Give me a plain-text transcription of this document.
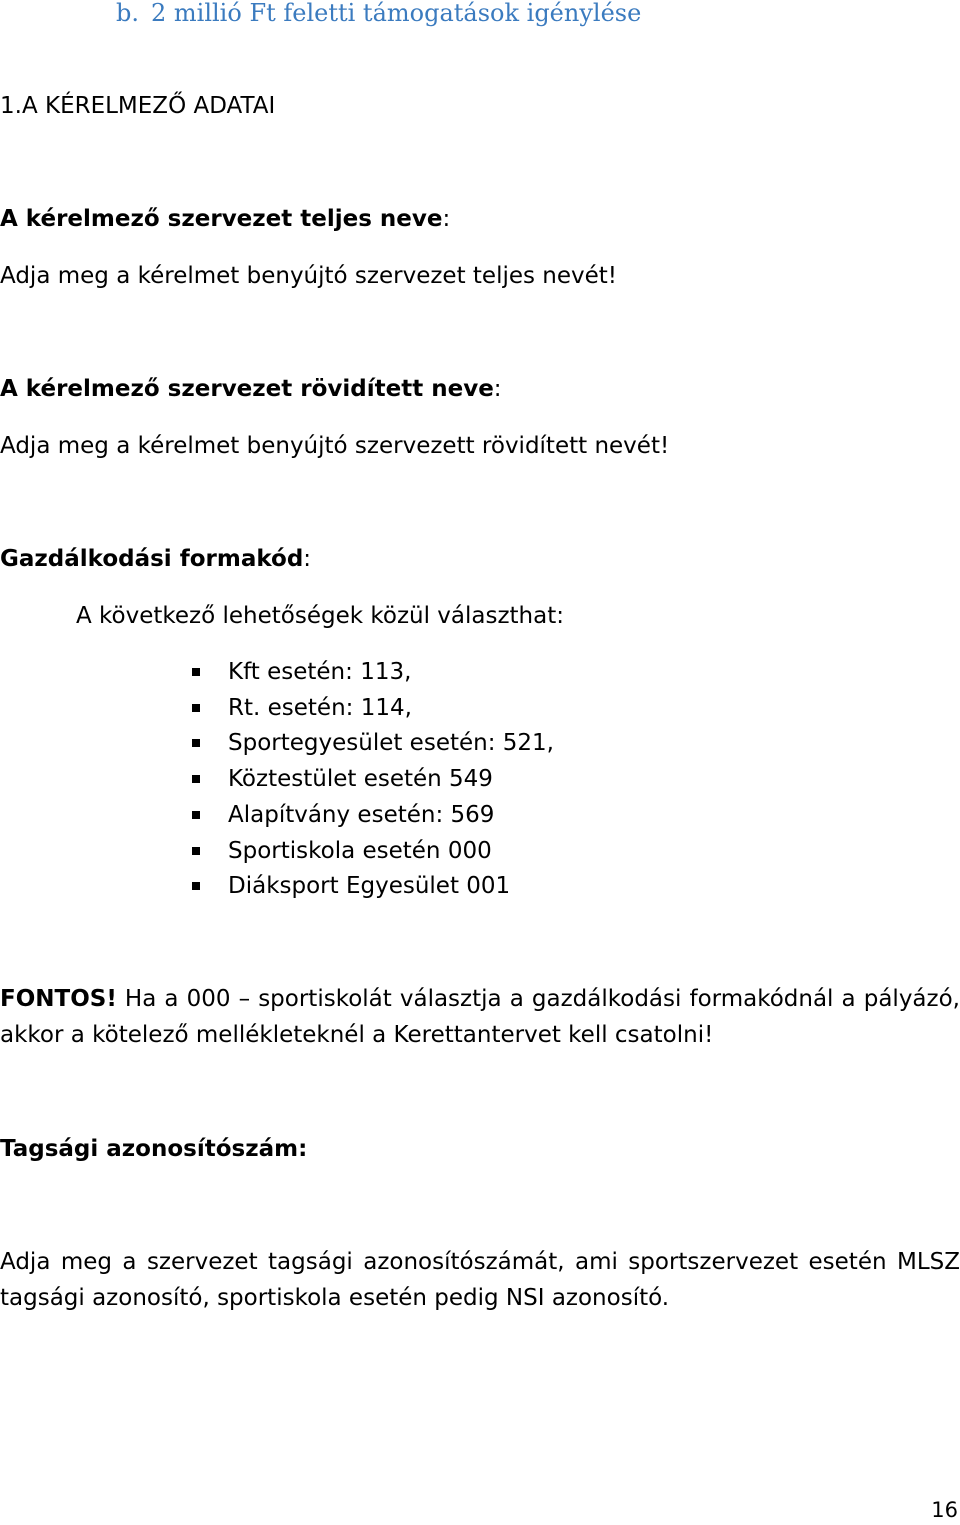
b. 2 millió Ft feletti támogatások igénylése
1.A KÉRELMEZŐ ADATAI
A kérelmező szervezet teljes neve:
Adja meg a kérelmet benyújtó szervezet teljes nevét!
A kérelmező szervezet rövidített neve:
Adja meg a kérelmet benyújtó szervezett rövidített nevét!
Gazdálkodási formakód:
A következő lehetőségek közül választhat:
Kft esetén: 113,
Rt. esetén: 114,
Sportegyesület esetén: 521,
Köztestület esetén 549
Alapítvány esetén: 569
Sportiskola esetén 000
Diáksport Egyesület 001

FONTOS! Ha a 000 – sportiskolát választja a gazdálkodási formakódnál a pályázó, akkor a kötelező mellékleteknél a Kerettantervet kell csatolni!

Tagsági azonosítószám:

Adja meg a szervezet tagsági azonosítószámát, ami sportszervezet esetén MLSZ tagsági azonosító, sportiskola esetén pedig NSI azonosító.

16
